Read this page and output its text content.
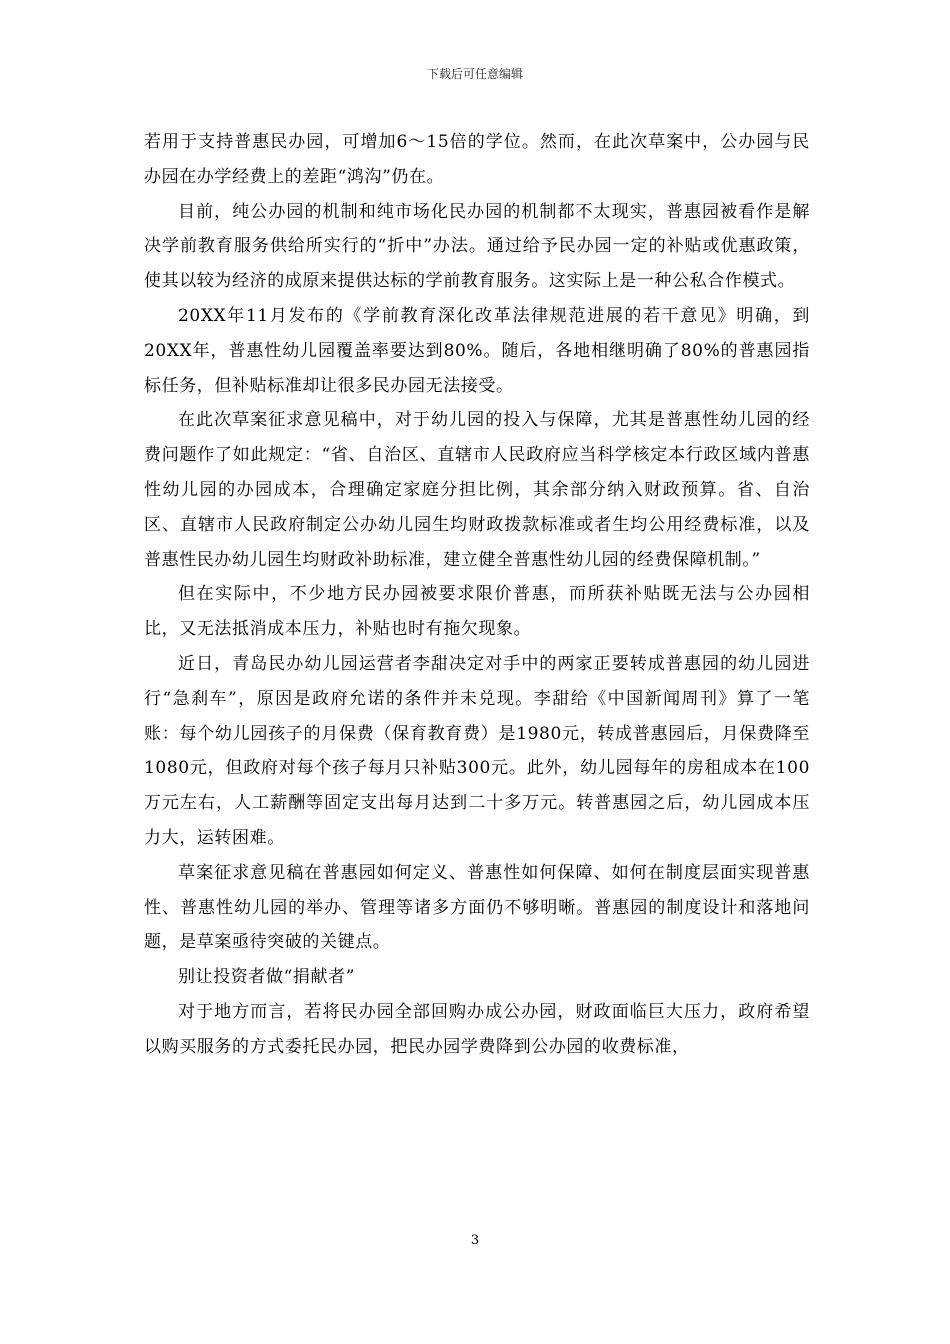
下载后可任意编辑

若用于支持普惠民办园，可增加6～15倍的学位。然而，在此次草案中，公办园与民办园在办学经费上的差距“鸿沟”仍在。

目前，纯公办园的机制和纯市场化民办园的机制都不太现实，普惠园被看作是解决学前教育服务供给所实行的“折中”办法。通过给予民办园一定的补贴或优惠政策，使其以较为经济的成原来提供达标的学前教育服务。这实际上是一种公私合作模式。

20XX年11月发布的《学前教育深化改革法律规范进展的若干意见》明确，到20XX年，普惠性幼儿园覆盖率要达到80%。随后，各地相继明确了80%的普惠园指标任务，但补贴标准却让很多民办园无法接受。

在此次草案征求意见稿中，对于幼儿园的投入与保障，尤其是普惠性幼儿园的经费问题作了如此规定：“省、自治区、直辖市人民政府应当科学核定本行政区域内普惠性幼儿园的办园成本，合理确定家庭分担比例，其余部分纳入财政预算。省、自治区、直辖市人民政府制定公办幼儿园生均财政拨款标准或者生均公用经费标准，以及普惠性民办幼儿园生均财政补助标准，建立健全普惠性幼儿园的经费保障机制。”

但在实际中，不少地方民办园被要求限价普惠，而所获补贴既无法与公办园相比，又无法抵消成本压力，补贴也时有拖欠现象。

近日，青岛民办幼儿园运营者李甜决定对手中的两家正要转成普惠园的幼儿园进行“急刹车”，原因是政府允诺的条件并未兑现。李甜给《中国新闻周刊》算了一笔账：每个幼儿园孩子的月保费（保育教育费）是1980元，转成普惠园后，月保费降至1080元，但政府对每个孩子每月只补贴300元。此外，幼儿园每年的房租成本在100万元左右，人工薪酬等固定支出每月达到二十多万元。转普惠园之后，幼儿园成本压力大，运转困难。

草案征求意见稿在普惠园如何定义、普惠性如何保障、如何在制度层面实现普惠性、普惠性幼儿园的举办、管理等诸多方面仍不够明晰。普惠园的制度设计和落地问题，是草案亟待突破的关键点。

别让投资者做“捐献者”

对于地方而言，若将民办园全部回购办成公办园，财政面临巨大压力，政府希望以购买服务的方式委托民办园，把民办园学费降到公办园的收费标准，

3
